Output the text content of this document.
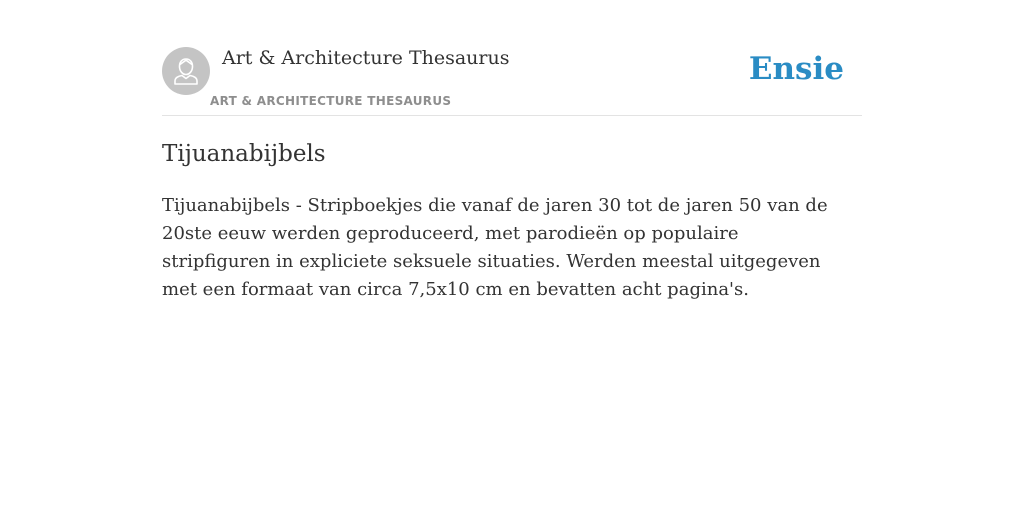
Art & Architecture Thesaurus

ART & ARCHITECTURE THESAURUS
Ensie
Tijuanabijbels

Tijuanabijbels - Stripboekjes die vanaf de jaren 30 tot de jaren 50 van de 20ste eeuw werden geproduceerd, met parodieën op populaire stripfiguren in expliciete seksuele situaties. Werden meestal uitgegeven met een formaat van circa 7,5x10 cm en bevatten acht pagina's.
